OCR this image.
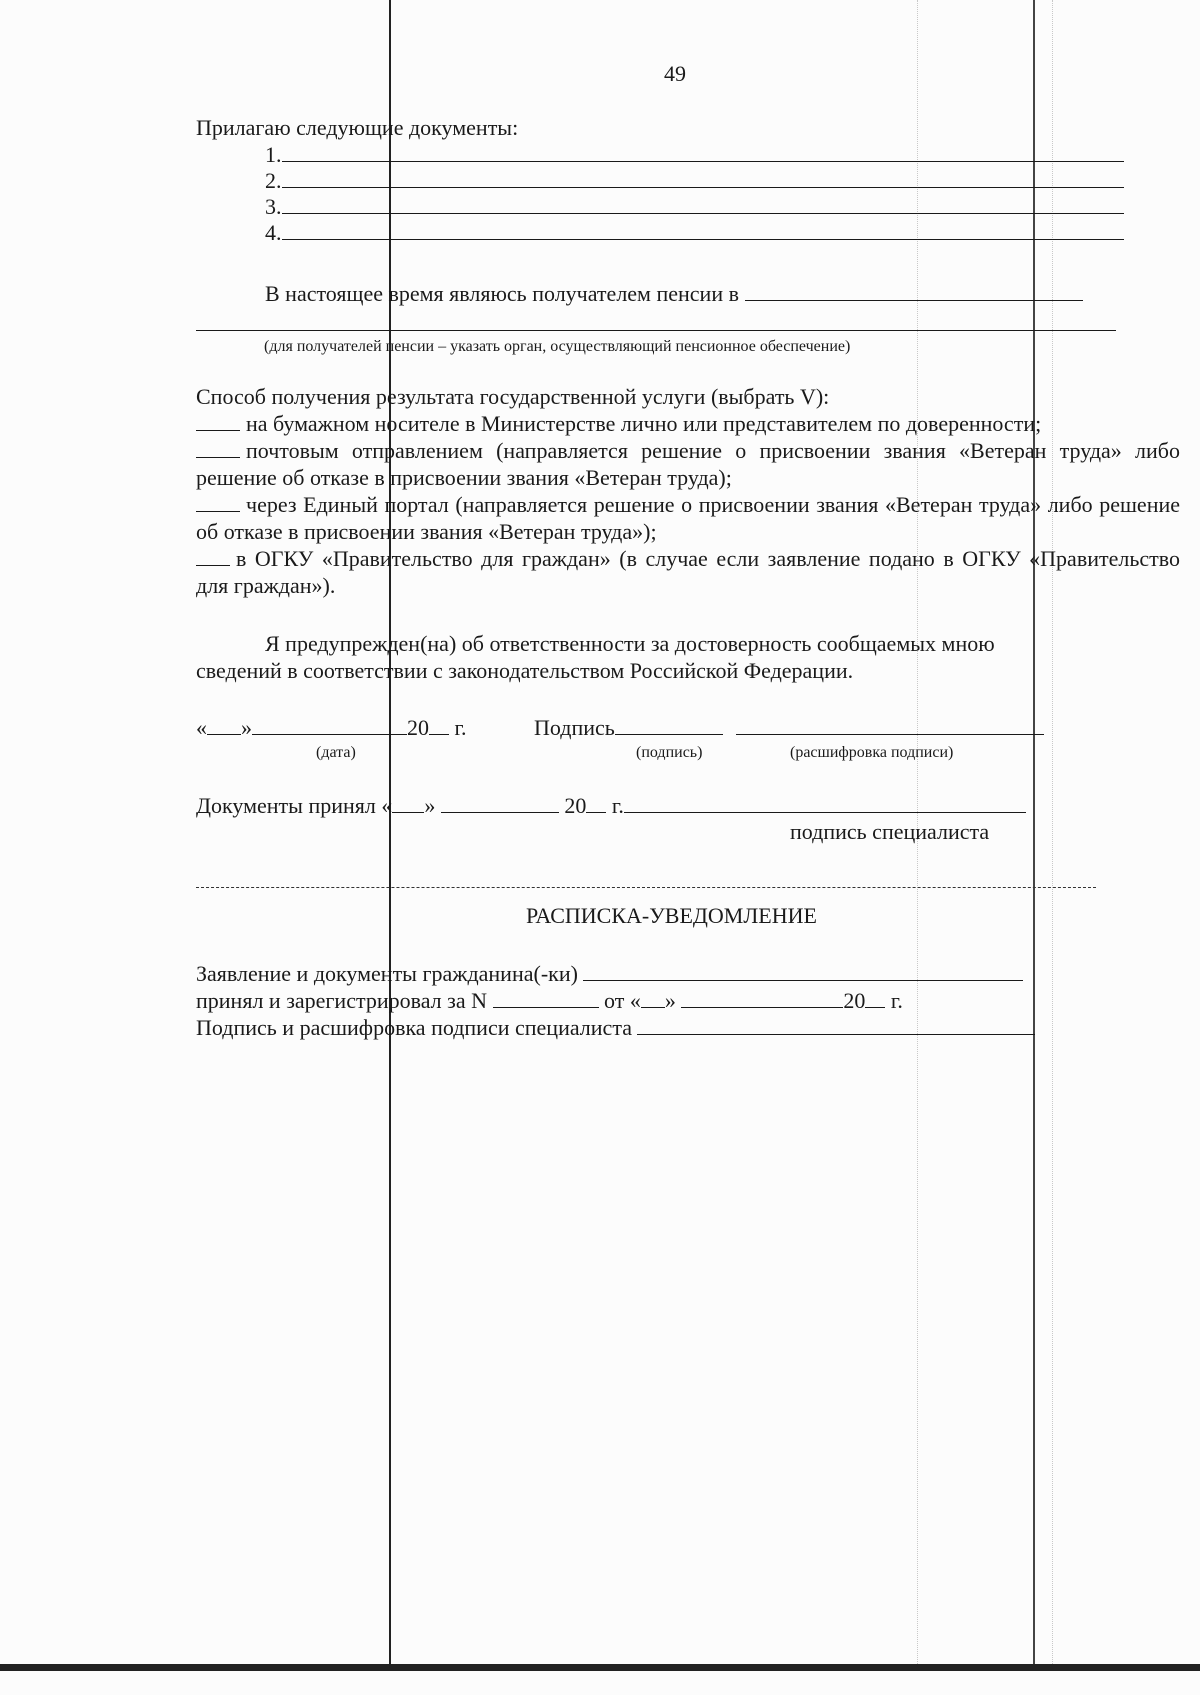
49
Прилагаю следующие документы:
1.
2.
3.
4.
В настоящее время являюсь получателем пенсии в
(для получателей пенсии – указать орган, осуществляющий пенсионное обеспечение)
Способ получения результата государственной услуги (выбрать V):
на бумажном носителе в Министерстве лично или представителем по доверенности;
почтовым отправлением (направляется решение о присвоении звания «Ветеран труда» либо решение об отказе в присвоении звания «Ветеран труда);
через Единый портал (направляется решение о присвоении звания «Ветеран труда» либо решение об отказе в присвоении звания «Ветеран труда»);
в ОГКУ «Правительство для граждан» (в случае если заявление подано в ОГКУ «Правительство для граждан»).
Я предупрежден(на) об ответственности за достоверность сообщаемых мною
сведений в соответствии с законодательством Российской Федерации.
« »	20 г.	Подпись
(дата)	(подпись)	(расшифровка подписи)
Документы принял « »	20 г.
подпись специалиста
РАСПИСКА-УВЕДОМЛЕНИЕ
Заявление и документы гражданина(-ки)
принял и зарегистрировал за N	от « »	20 г.
Подпись и расшифровка подписи специалиста
